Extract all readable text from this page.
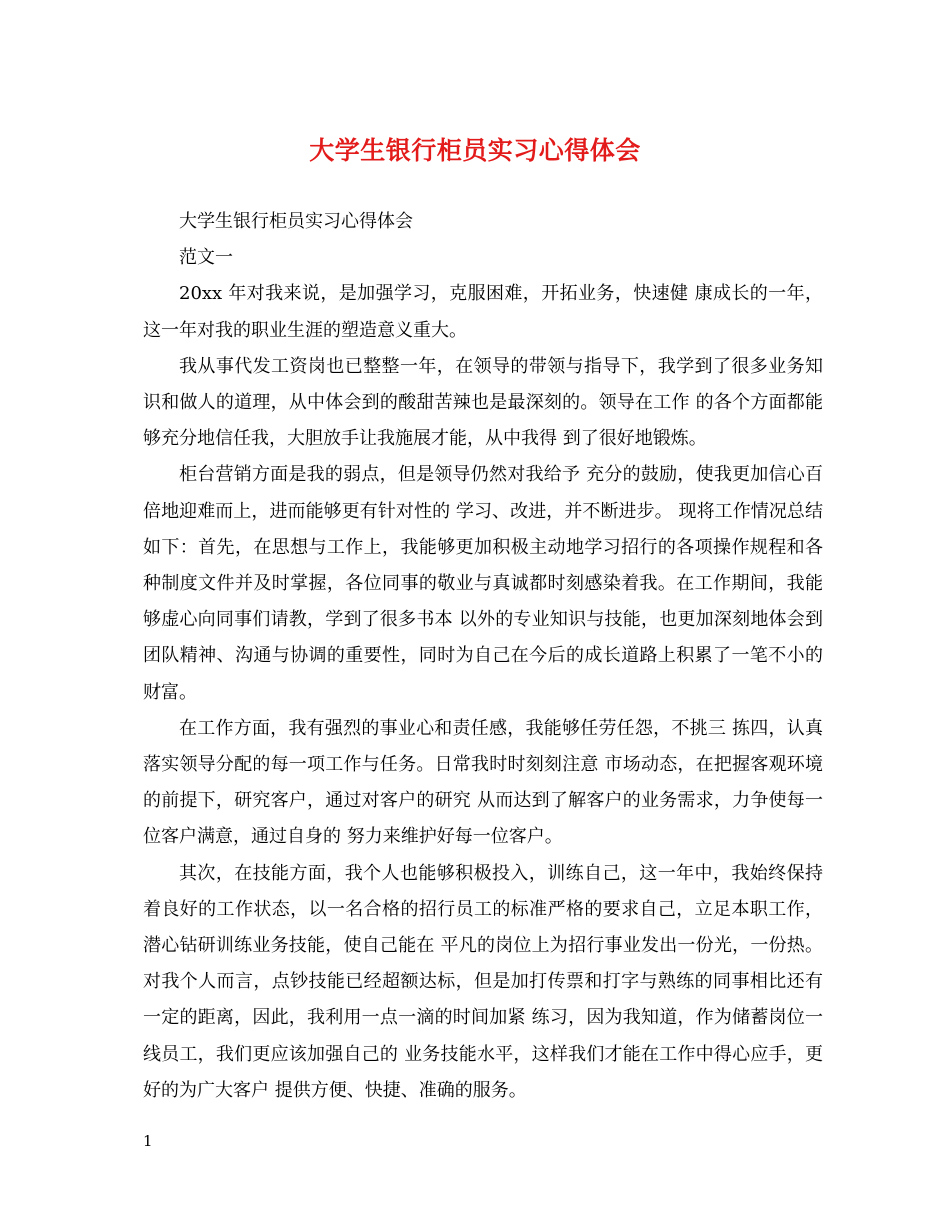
大学生银行柜员实习心得体会

大学生银行柜员实习心得体会

范文一

20xx 年对我来说，是加强学习，克服困难，开拓业务，快速健 康成长的一年，这一年对我的职业生涯的塑造意义重大。

我从事代发工资岗也已整整一年，在领导的带领与指导下，我学到了很多业务知识和做人的道理，从中体会到的酸甜苦辣也是最深刻的。领导在工作 的各个方面都能够充分地信任我，大胆放手让我施展才能，从中我得 到了很好地锻炼。

柜台营销方面是我的弱点，但是领导仍然对我给予 充分的鼓励，使我更加信心百倍地迎难而上，进而能够更有针对性的 学习、改进，并不断进步。 现将工作情况总结如下：首先，在思想与工作上，我能够更加积极主动地学习招行的各项操作规程和各种制度文件并及时掌握，各位同事的敬业与真诚都时刻感染着我。在工作期间，我能够虚心向同事们请教，学到了很多书本 以外的专业知识与技能，也更加深刻地体会到团队精神、沟通与协调的重要性，同时为自己在今后的成长道路上积累了一笔不小的财富。

在工作方面，我有强烈的事业心和责任感，我能够任劳任怨，不挑三 拣四，认真落实领导分配的每一项工作与任务。日常我时时刻刻注意 市场动态，在把握客观环境的前提下，研究客户，通过对客户的研究 从而达到了解客户的业务需求，力争使每一位客户满意，通过自身的 努力来维护好每一位客户。

其次，在技能方面，我个人也能够积极投入，训练自己，这一年中，我始终保持着良好的工作状态，以一名合格的招行员工的标准严格的要求自己，立足本职工作，潜心钻研训练业务技能，使自己能在 平凡的岗位上为招行事业发出一份光，一份热。 对我个人而言，点钞技能已经超额达标，但是加打传票和打字与熟练的同事相比还有一定的距离，因此，我利用一点一滴的时间加紧 练习，因为我知道，作为储蓄岗位一线员工，我们更应该加强自己的 业务技能水平，这样我们才能在工作中得心应手，更好的为广大客户 提供方便、快捷、准确的服务。

1
